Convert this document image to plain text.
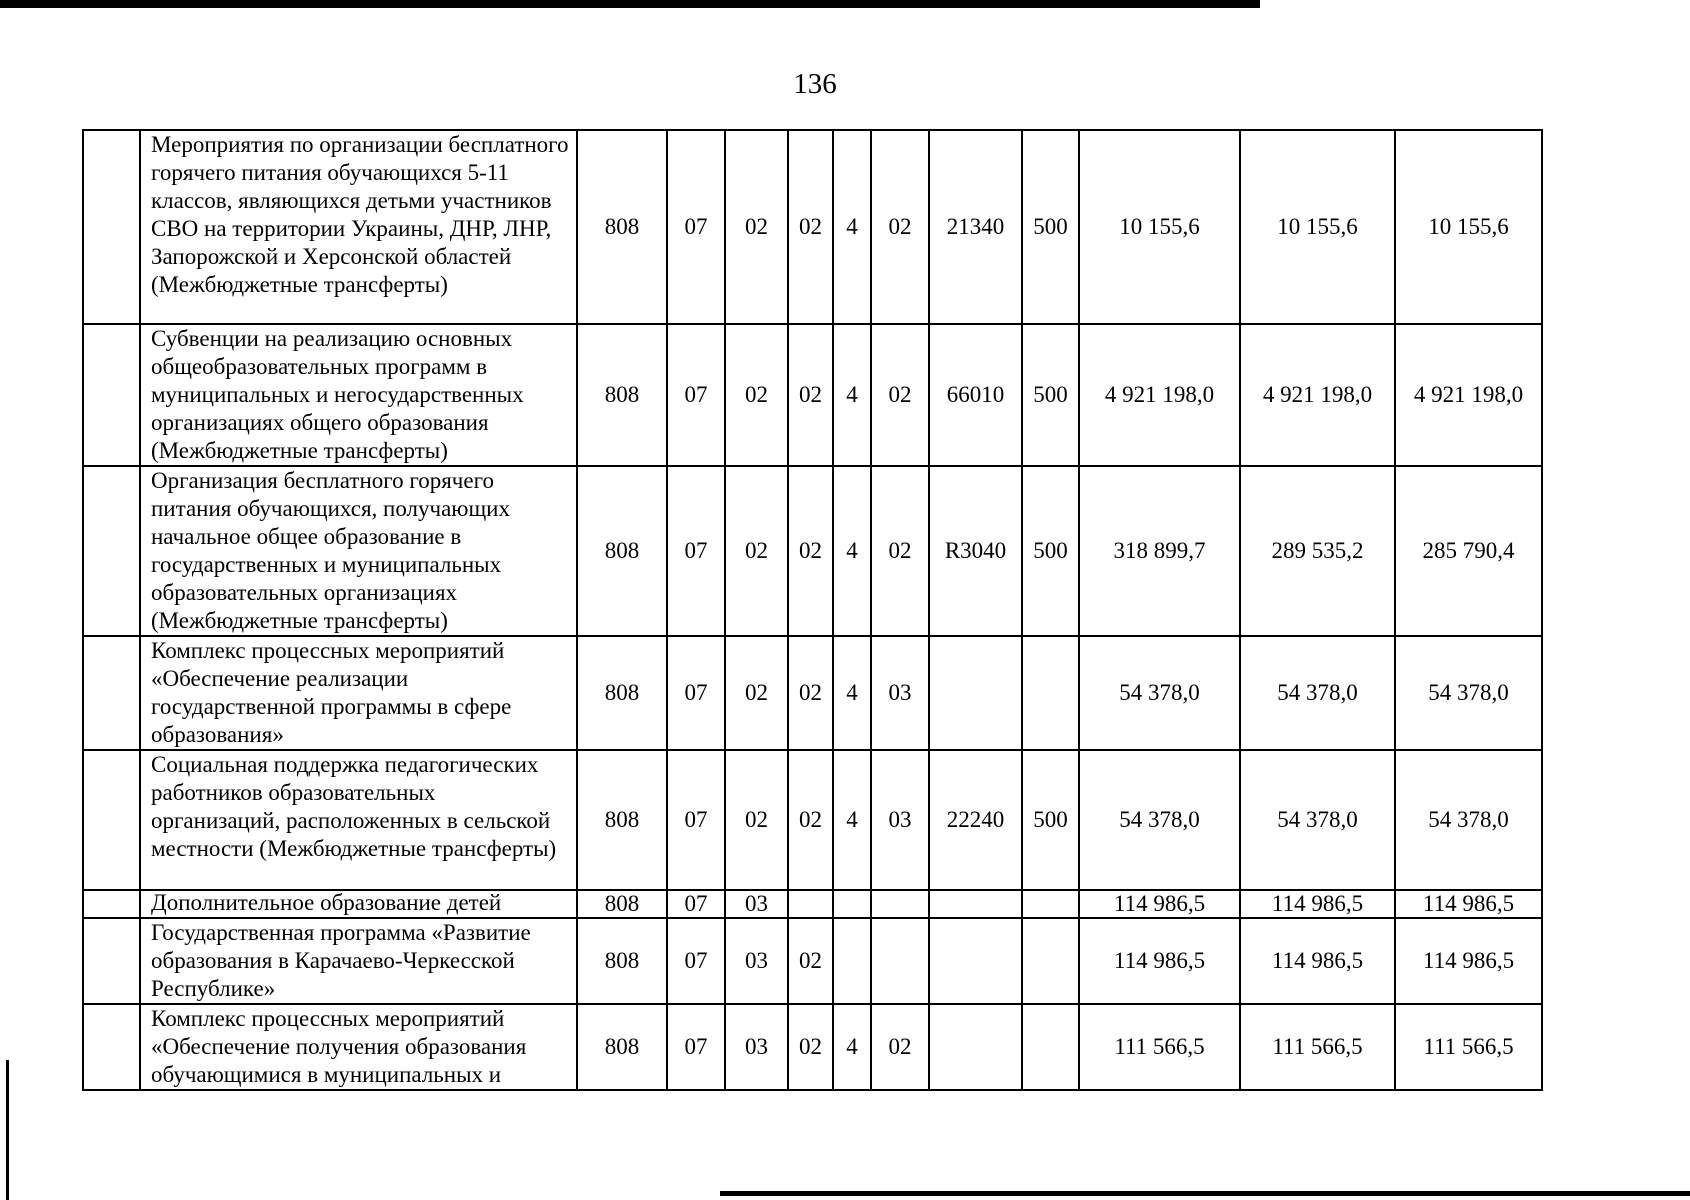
136
	Мероприятия по организации бесплатного горячего питания обучающихся 5-11 классов, являющихся детьми участников СВО на территории Украины, ДНР, ЛНР, Запорожской и Херсонской областей (Межбюджетные трансферты)	808	07	02	02	4	02	21340	500	10 155,6	10 155,6	10 155,6
	Субвенции на реализацию основных общеобразовательных программ в муниципальных и негосударственных организациях общего образования (Межбюджетные трансферты)	808	07	02	02	4	02	66010	500	4 921 198,0	4 921 198,0	4 921 198,0
	Организация бесплатного горячего питания обучающихся, получающих начальное общее образование в государственных и муниципальных образовательных организациях (Межбюджетные трансферты)	808	07	02	02	4	02	R3040	500	318 899,7	289 535,2	285 790,4
	Комплекс процессных мероприятий «Обеспечение реализации государственной программы в сфере образования»	808	07	02	02	4	03			54 378,0	54 378,0	54 378,0
	Социальная поддержка педагогических работников образовательных организаций, расположенных в сельской местности (Межбюджетные трансферты)	808	07	02	02	4	03	22240	500	54 378,0	54 378,0	54 378,0
	Дополнительное образование детей	808	07	03						114 986,5	114 986,5	114 986,5
	Государственная программа «Развитие образования в Карачаево-Черкесской Республике»	808	07	03	02					114 986,5	114 986,5	114 986,5
	Комплекс процессных мероприятий «Обеспечение получения образования обучающимися в муниципальных и	808	07	03	02	4	02			111 566,5	111 566,5	111 566,5
